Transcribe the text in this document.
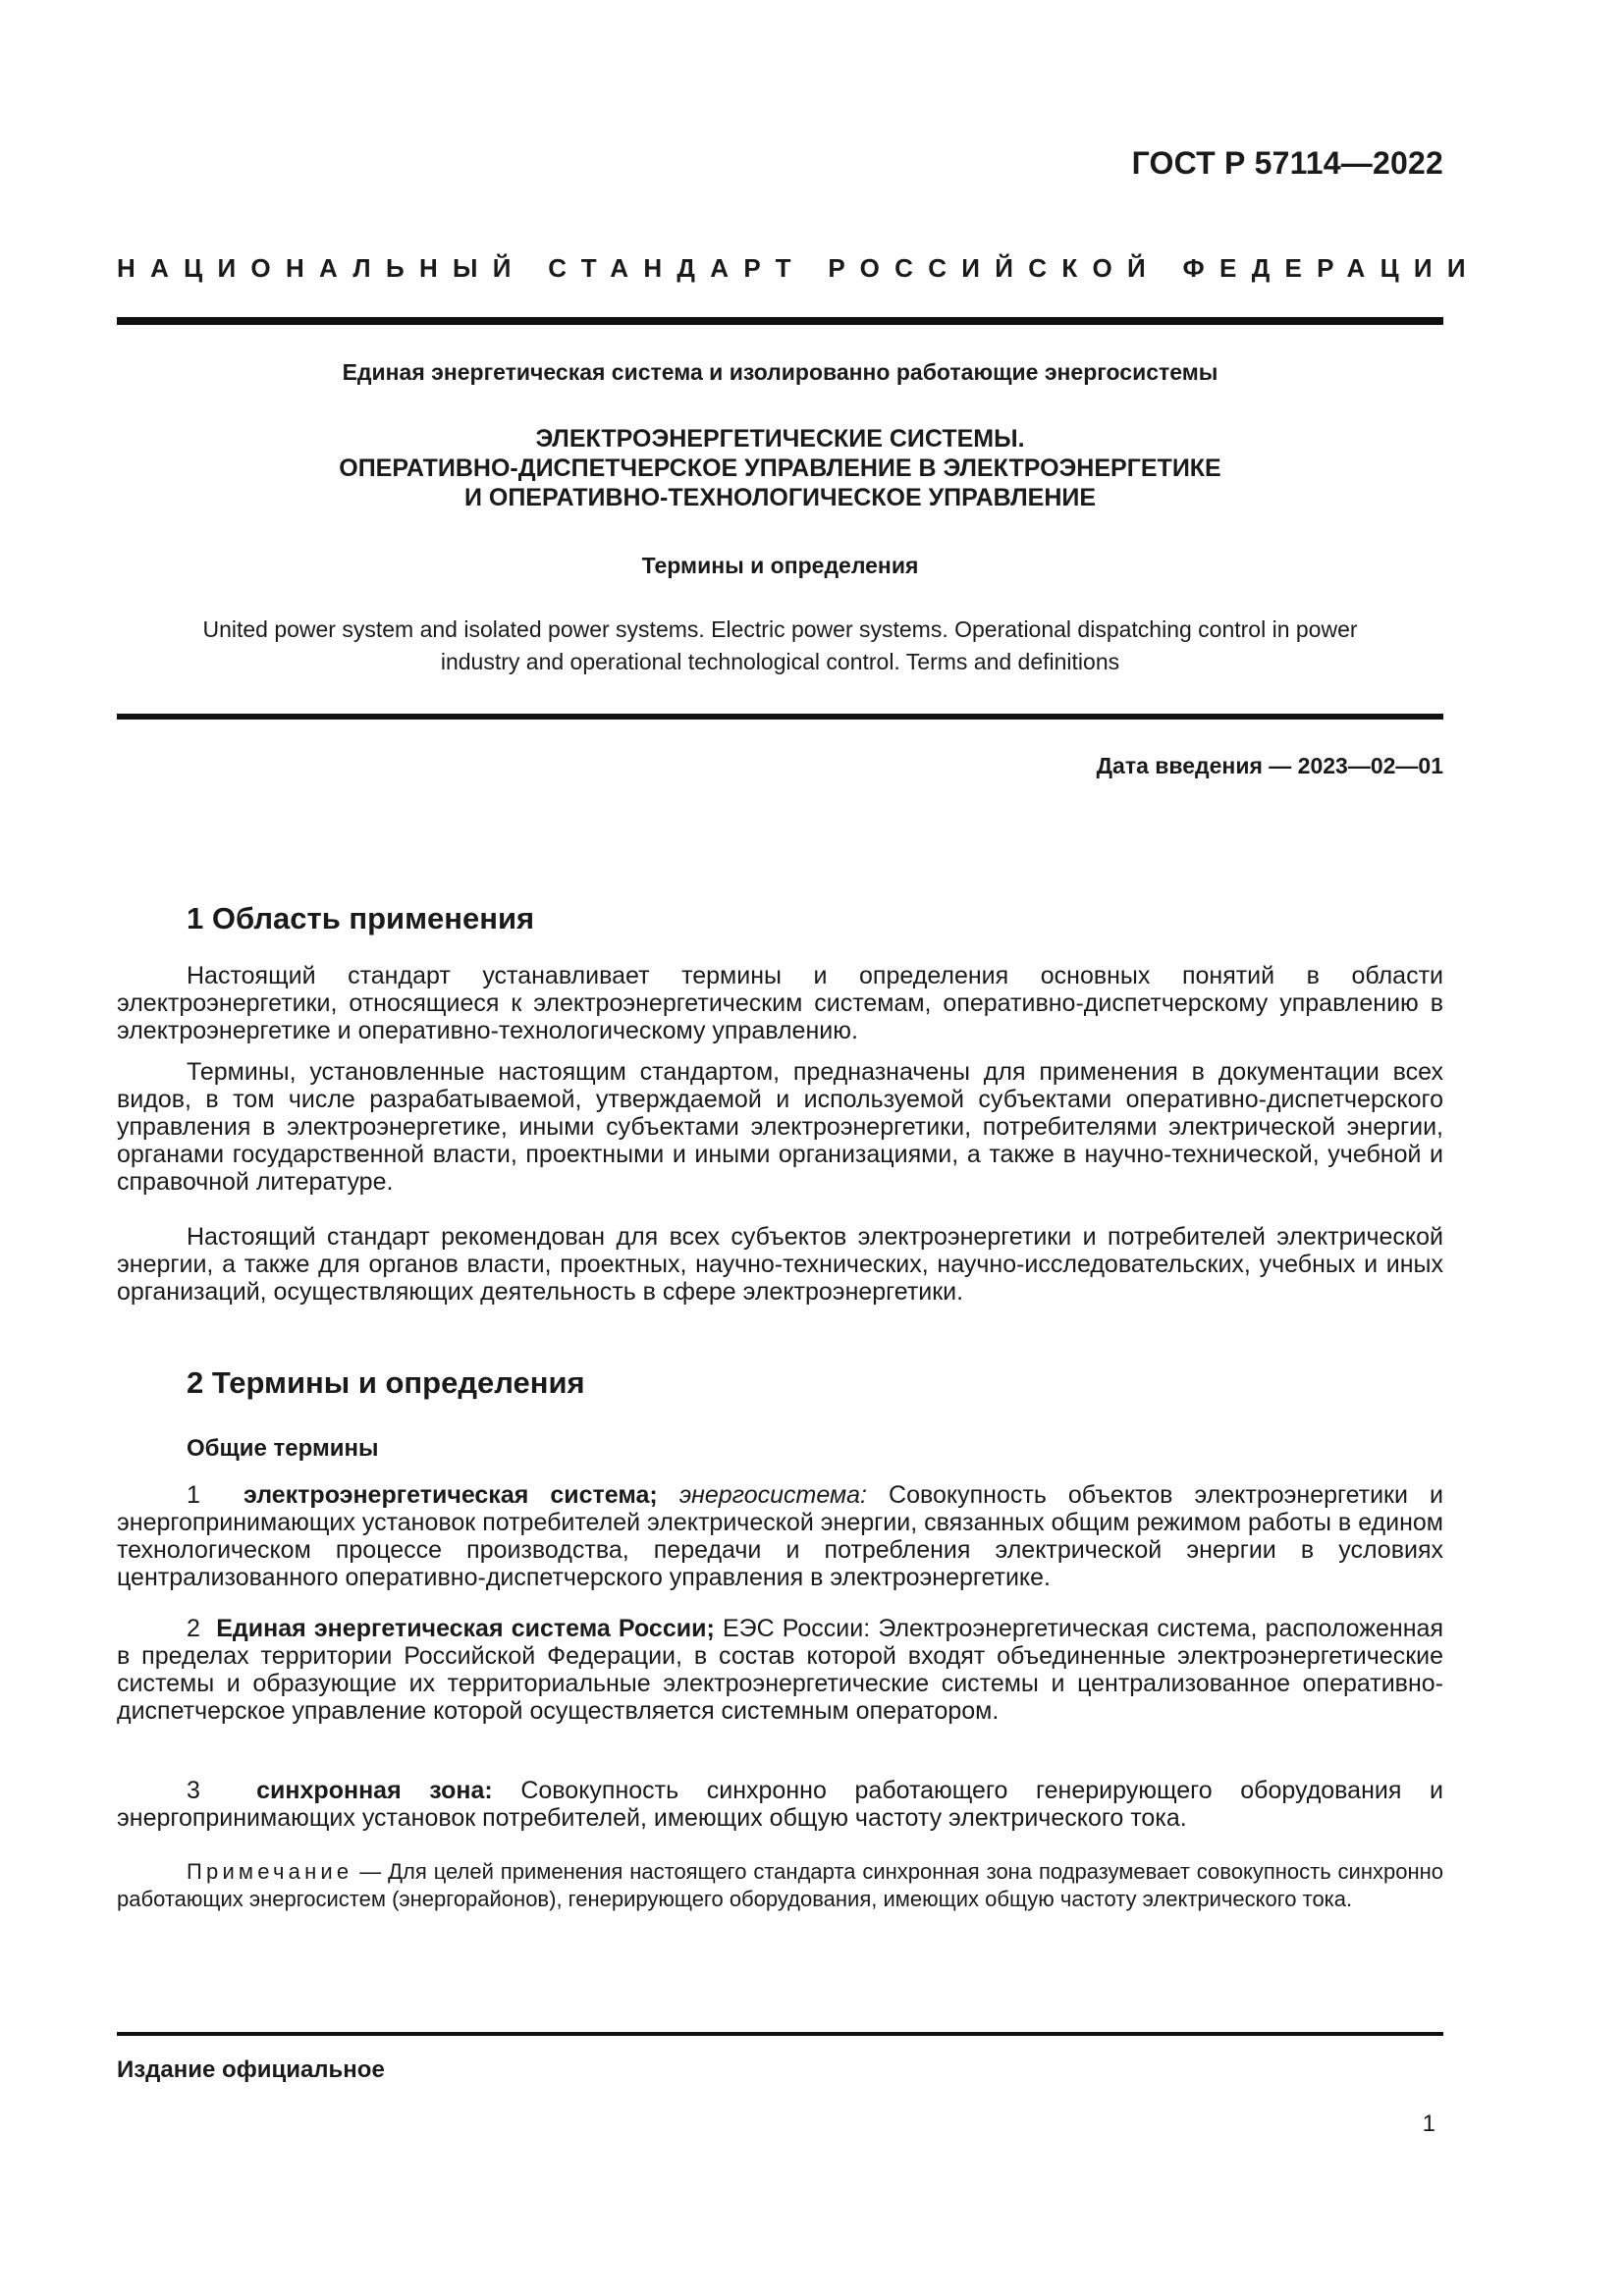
ГОСТ Р 57114—2022
НАЦИОНАЛЬНЫЙ СТАНДАРТ РОССИЙСКОЙ ФЕДЕРАЦИИ
Единая энергетическая система и изолированно работающие энергосистемы
ЭЛЕКТРОЭНЕРГЕТИЧЕСКИЕ СИСТЕМЫ.
ОПЕРАТИВНО-ДИСПЕТЧЕРСКОЕ УПРАВЛЕНИЕ В ЭЛЕКТРОЭНЕРГЕТИКЕ
И ОПЕРАТИВНО-ТЕХНОЛОГИЧЕСКОЕ УПРАВЛЕНИЕ
Термины и определения
United power system and isolated power systems. Electric power systems. Operational dispatching control in power
industry and operational technological control. Terms and definitions
Дата введения — 2023—02—01
1 Область применения

Настоящий стандарт устанавливает термины и определения основных понятий в области электроэнергетики, относящиеся к электроэнергетическим системам, оперативно-диспетчерскому управлению в электроэнергетике и оперативно-технологическому управлению.

Термины, установленные настоящим стандартом, предназначены для применения в документации всех видов, в том числе разрабатываемой, утверждаемой и используемой субъектами оперативно-диспетчерского управления в электроэнергетике, иными субъектами электроэнергетики, потребителями электрической энергии, органами государственной власти, проектными и иными организациями, а также в научно-технической, учебной и справочной литературе.

Настоящий стандарт рекомендован для всех субъектов электроэнергетики и потребителей электрической энергии, а также для органов власти, проектных, научно-технических, научно-исследовательских, учебных и иных организаций, осуществляющих деятельность в сфере электроэнергетики.

2 Термины и определения
Общие термины

1 электроэнергетическая система; энергосистема: Совокупность объектов электроэнергетики и энергопринимающих установок потребителей электрической энергии, связанных общим режимом работы в едином технологическом процессе производства, передачи и потребления электрической энергии в условиях централизованного оперативно-диспетчерского управления в электроэнергетике.

2 Единая энергетическая система России; ЕЭС России: Электроэнергетическая система, расположенная в пределах территории Российской Федерации, в состав которой входят объединенные электроэнергетические системы и образующие их территориальные электроэнергетические системы и централизованное оперативно-диспетчерское управление которой осуществляется системным оператором.

3 синхронная зона: Совокупность синхронно работающего генерирующего оборудования и энергопринимающих установок потребителей, имеющих общую частоту электрического тока.

Примечание — Для целей применения настоящего стандарта синхронная зона подразумевает совокупность синхронно работающих энергосистем (энергорайонов), генерирующего оборудования, имеющих общую частоту электрического тока.

Издание официальное
1
